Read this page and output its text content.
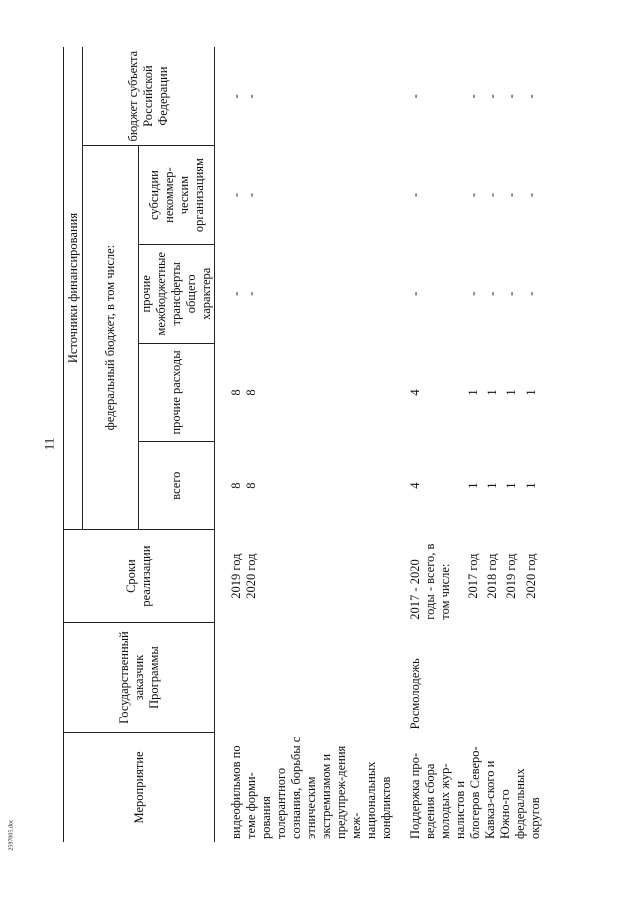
11
2597005.doc
Мероприятие	Государственный заказчик Программы	Сроки реализации	Источники финансирования				
			федеральный бюджет, в том числе:				бюджет субъекта Российской Федерации
			всего	прочие расходы	прочие межбюджетные трансферты общего характера	субсидии некоммер-ческим организациям	

видеофильмов по теме форми-рования толерантного сознания, борьбы с этническим экстремизмом и предупреж-дения меж-национальных конфликтов		2019 год	8	8	-	-	-
		2020 год	8	8	-	-	-

Поддержка про-ведения сбора молодых жур-налистов и блогеров Северо-Кавказ-ского и Южно-го федеральных округов	Росмолодежь	2017 - 2020 годы - всего, в том числе:	4	4	-	-	-
		2017 год	1	1	-	-	-
		2018 год	1	1	-	-	-
		2019 год	1	1	-	-	-
		2020 год	1	1	-	-	-
